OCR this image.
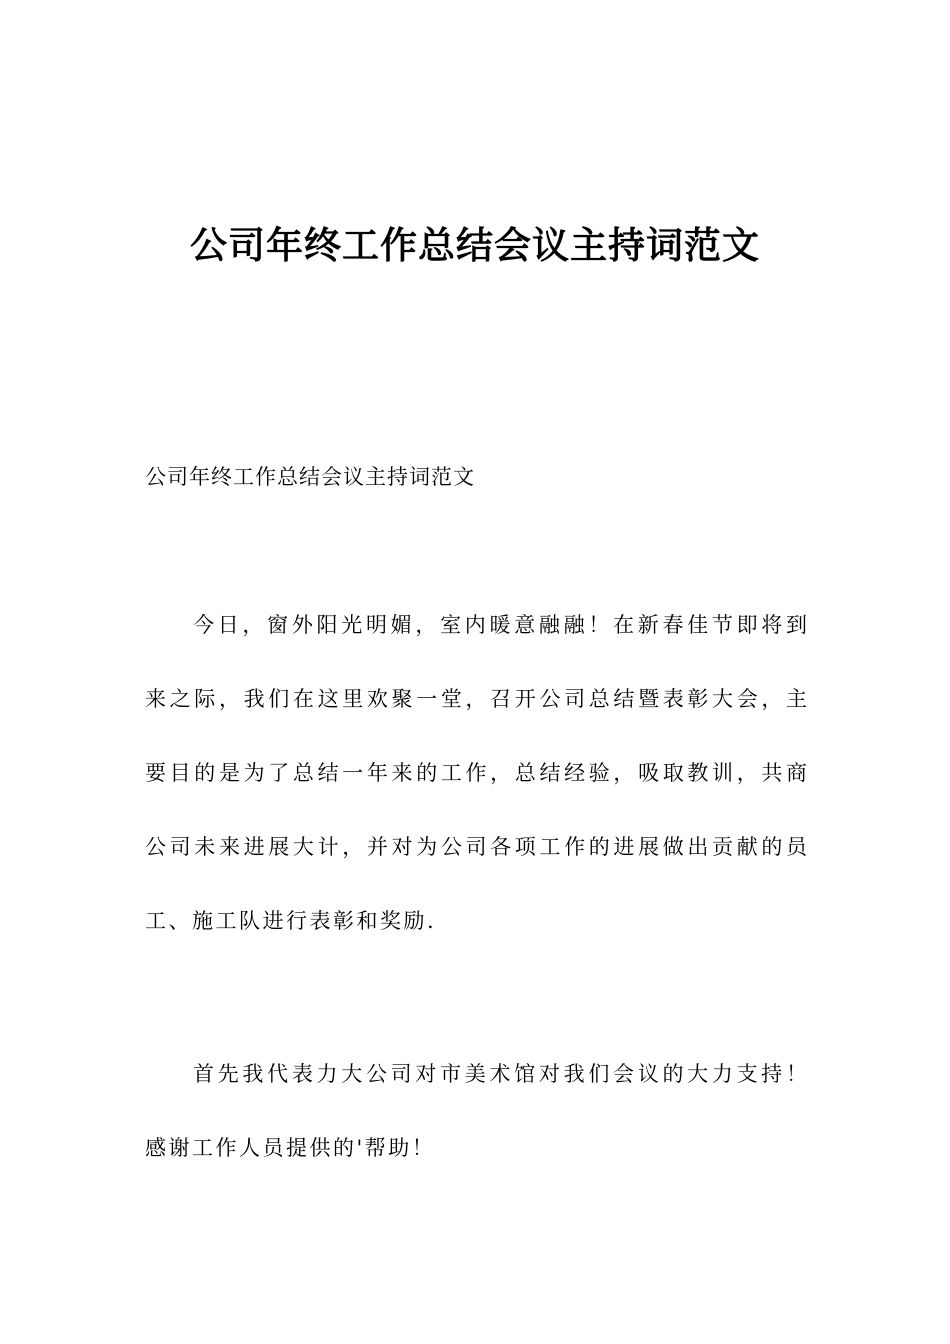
公司年终工作总结会议主持词范文

公司年终工作总结会议主持词范文

今日，窗外阳光明媚，室内暖意融融！在新春佳节即将到
来之际，我们在这里欢聚一堂，召开公司总结暨表彰大会，主
要目的是为了总结一年来的工作，总结经验，吸取教训，共商
公司未来进展大计，并对为公司各项工作的进展做出贡献的员
工、施工队进行表彰和奖励.
首先我代表力大公司对市美术馆对我们会议的大力支持！
感谢工作人员提供的'帮助！
